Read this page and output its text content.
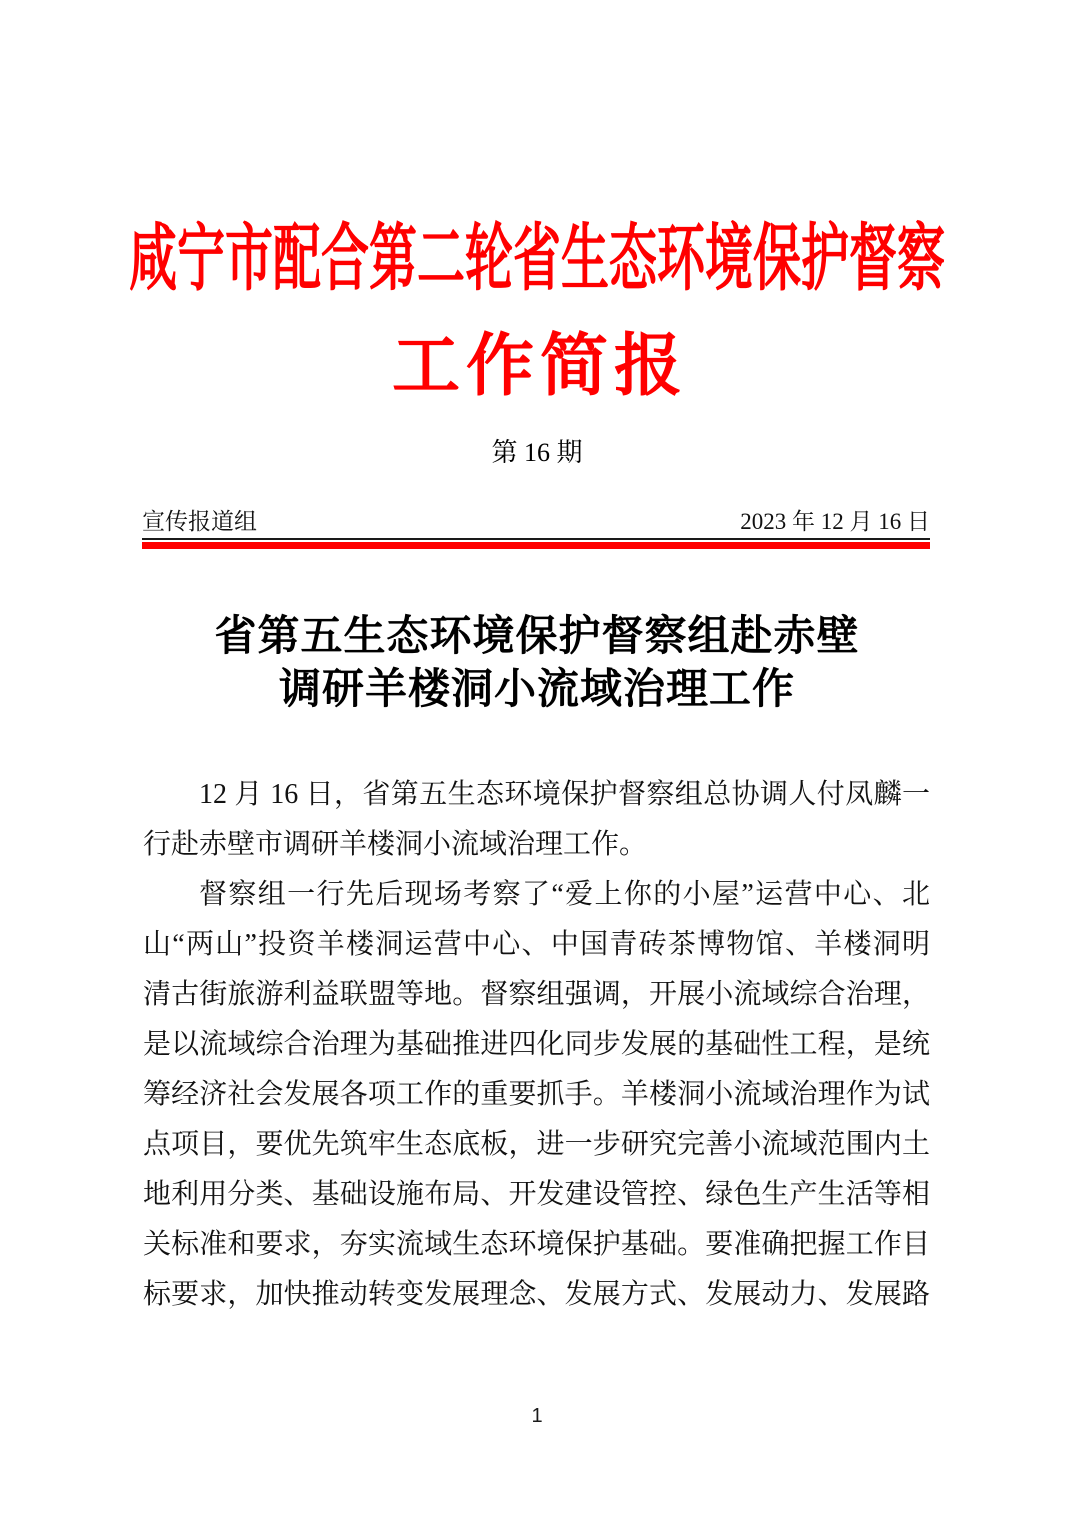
咸宁市配合第二轮省生态环境保护督察
工作简报
第 16 期
宣传报道组	2023 年 12 月 16 日
省第五生态环境保护督察组赴赤壁
调研羊楼洞小流域治理工作
12 月 16 日，省第五生态环境保护督察组总协调人付凤麟一
行赴赤壁市调研羊楼洞小流域治理工作。
督察组一行先后现场考察了“爱上你的小屋”运营中心、北
山“两山”投资羊楼洞运营中心、中国青砖茶博物馆、羊楼洞明
清古街旅游利益联盟等地。督察组强调，开展小流域综合治理，
是以流域综合治理为基础推进四化同步发展的基础性工程，是统
筹经济社会发展各项工作的重要抓手。羊楼洞小流域治理作为试
点项目，要优先筑牢生态底板，进一步研究完善小流域范围内土
地利用分类、基础设施布局、开发建设管控、绿色生产生活等相
关标准和要求，夯实流域生态环境保护基础。要准确把握工作目
标要求，加快推动转变发展理念、发展方式、发展动力、发展路
1
